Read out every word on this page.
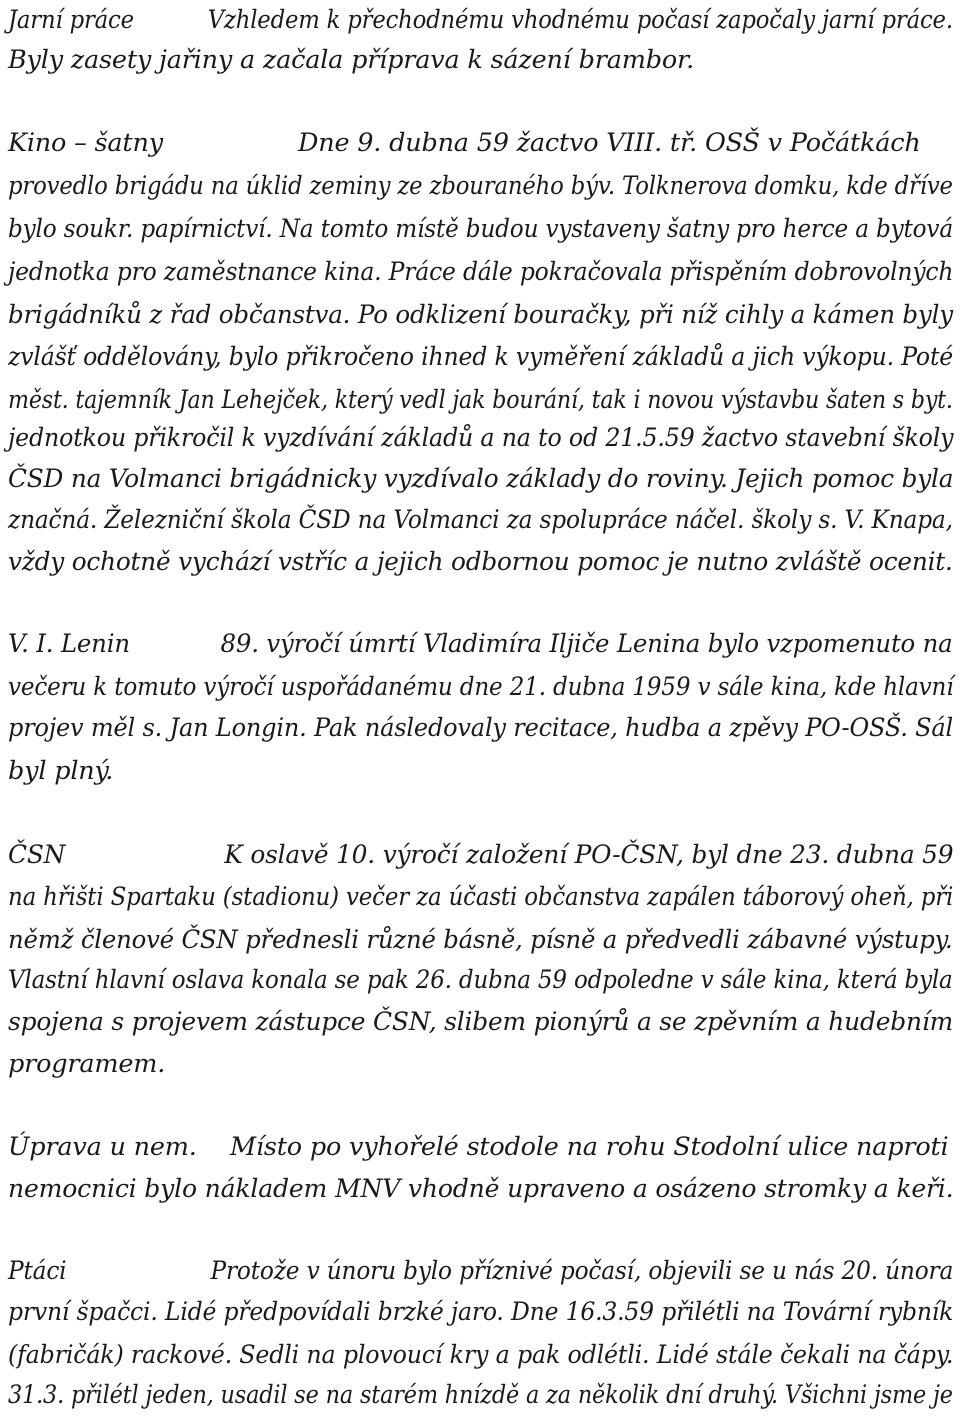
Jarní práce	Vzhledem k přechodnému vhodnému počasí započaly jarní práce.
Byly zasety jařiny a začala příprava k sázení brambor.
Kino – šatny	Dne 9. dubna 59 žactvo VIII. tř. OSŠ v Počátkách
provedlo brigádu na úklid zeminy ze zbouraného býv. Tolknerova domku, kde dříve
bylo soukr. papírnictví. Na tomto místě budou vystaveny šatny pro herce a bytová
jednotka pro zaměstnance kina. Práce dále pokračovala přispěním dobrovolných
brigádníků z řad občanstva. Po odklizení bouračky, při níž cihly a kámen byly
zvlášť oddělovány, bylo přikročeno ihned k vyměření základů a jich výkopu. Poté
měst. tajemník Jan Lehejček, který vedl jak bourání, tak i novou výstavbu šaten s byt.
jednotkou přikročil k vyzdívání základů a na to od 21.5.59 žactvo stavební školy
ČSD na Volmanci brigádnicky vyzdívalo základy do roviny. Jejich pomoc byla
značná. Železniční škola ČSD na Volmanci za spolupráce náčel. školy s. V. Knapa,
vždy ochotně vychází vstříc a jejich odbornou pomoc je nutno zvláště ocenit.
V. I. Lenin	89. výročí úmrtí Vladimíra Iljiče Lenina bylo vzpomenuto na
večeru k tomuto výročí uspořádanému dne 21. dubna 1959 v sále kina, kde hlavní
projev měl s. Jan Longin. Pak následovaly recitace, hudba a zpěvy PO-OSŠ. Sál
byl plný.
ČSN	K oslavě 10. výročí založení PO-ČSN, byl dne 23. dubna 59
na hřišti Spartaku (stadionu) večer za účasti občanstva zapálen táborový oheň, při
němž členové ČSN přednesli různé básně, písně a předvedli zábavné výstupy.
Vlastní hlavní oslava konala se pak 26. dubna 59 odpoledne v sále kina, která byla
spojena s projevem zástupce ČSN, slibem pionýrů a se zpěvním a hudebním
programem.
Úprava u nem. Místo po vyhořelé stodole na rohu Stodolní ulice naproti
nemocnici bylo nákladem MNV vhodně upraveno a osázeno stromky a keři.
Ptáci	Protože v únoru bylo příznivé počasí, objevili se u nás 20. února
první špačci. Lidé předpovídali brzké jaro. Dne 16.3.59 přilétli na Tovární rybník
(fabričák) rackové. Sedli na plovoucí kry a pak odlétli. Lidé stále čekali na čápy.
31.3. přilétl jeden, usadil se na starém hnízdě a za několik dní druhý. Všichni jsme je
